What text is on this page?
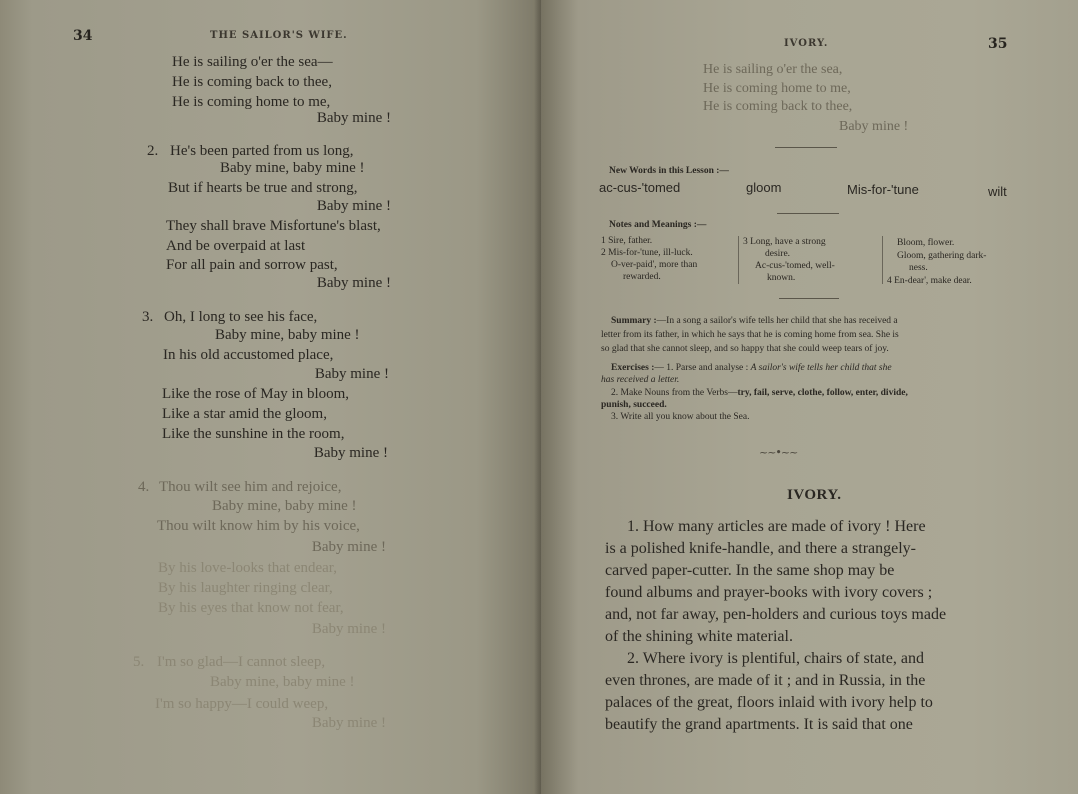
34	THE SAILOR'S WIFE.
He is sailing o'er the sea—
He is coming back to thee,
He is coming home to me,
Baby mine !
2. He's been parted from us long,
Baby mine, baby mine !
But if hearts be true and strong,
Baby mine !
They shall brave Misfortune's blast,
And be overpaid at last
For all pain and sorrow past,
Baby mine !
3. Oh, I long to see his face,
Baby mine, baby mine !
In his old accustomed place,
Baby mine !
Like the rose of May in bloom,
Like a star amid the gloom,
Like the sunshine in the room,
Baby mine !
4. Thou wilt see him and rejoice,
Baby mine, baby mine !
Thou wilt know him by his voice,
Baby mine !
By his love-looks that endear,
By his laughter ringing clear,
By his eyes that know not fear,
Baby mine !
5. I'm so glad—I cannot sleep,
Baby mine, baby mine !
I'm so happy—I could weep,
Baby mine !
IVORY.	35
He is sailing o'er the sea,
He is coming home to me,
He is coming back to thee,
Baby mine !
New Words in this Lesson :—
ac-cus-'tomed	gloom	Mis-for-'tune	wilt
Notes and Meanings :—
1 Sire, father.
2 Mis-for-'tune, ill-luck.
O-ver-paid', more than
rewarded.
3 Long, have a strong
desire.
Ac-cus-'tomed, well-
known.
Bloom, flower.
Gloom, gathering dark-
ness.
4 En-dear', make dear.
Summary :—In a song a sailor's wife tells her child that she has received a
letter from its father, in which he says that he is coming home from sea. She is
so glad that she cannot sleep, and so happy that she could weep tears of joy.
Exercises :— 1. Parse and analyse : A sailor's wife tells her child that she
has received a letter.
2. Make Nouns from the Verbs—try, fail, serve, clothe, follow, enter, divide,
punish, succeed.
3. Write all you know about the Sea.
~~•~~
IVORY.
1. How many articles are made of ivory ! Here
is a polished knife-handle, and there a strangely-
carved paper-cutter. In the same shop may be
found albums and prayer-books with ivory covers ;
and, not far away, pen-holders and curious toys made
of the shining white material.
2. Where ivory is plentiful, chairs of state, and
even thrones, are made of it ; and in Russia, in the
palaces of the great, floors inlaid with ivory help to
beautify the grand apartments. It is said that one
